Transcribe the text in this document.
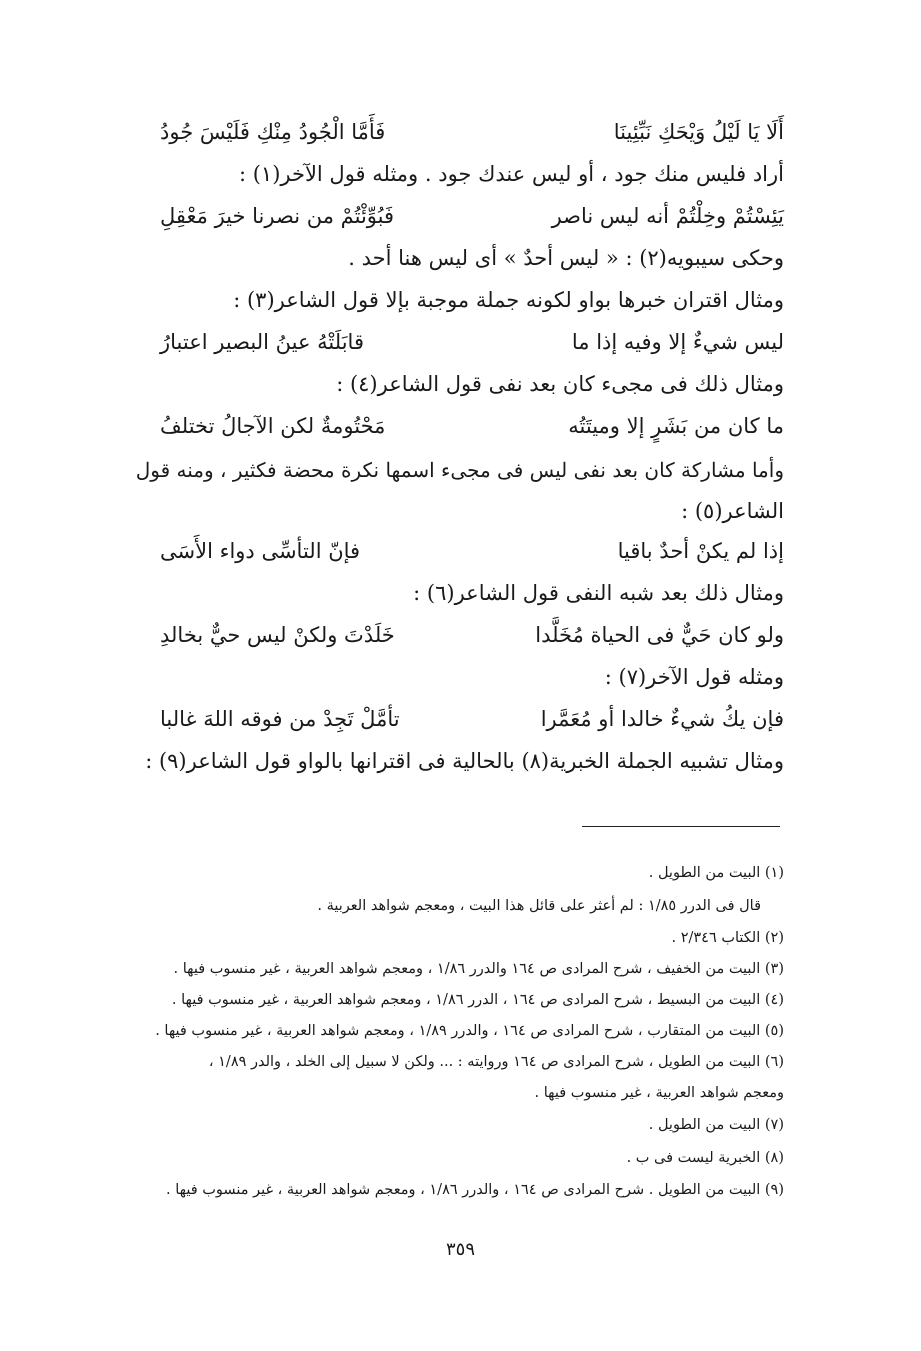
أَلَا يَا لَيْلُ وَيْحَكِ نَبِّئِينَا
فَأَمَّا الْجُودُ مِنْكِ فَلَيْسَ جُودُ
أراد فليس منك جود ، أو ليس عندك جود . ومثله قول الآخر(١) :
يَئِسْتُمْ وخِلْتُمْ أنه ليس ناصر
فَبُوِّئْتُمْ من نصرنا خيرَ مَعْقِلِ
وحكى سيبويه(٢) : « ليس أحدٌ » أى ليس هنا أحد .
ومثال اقتران خبرها بواو لكونه جملة موجبة بإلا قول الشاعر(٣) :
ليس شيءٌ إلا وفيه إذا ما
قابَلَتْهُ عينُ البصير اعتبارُ
ومثال ذلك فى مجىء كان بعد نفى قول الشاعر(٤) :
ما كان من بَشَرٍ إلا وميتَتُه
مَحْتُومةٌ لكن الآجالُ تختلفُ
وأما مشاركة كان بعد نفى ليس فى مجىء اسمها نكرة محضة فكثير ، ومنه قول
الشاعر(٥) :
إذا لم يكنْ أحدٌ باقيا
فإنّ التأسِّى دواء الأَسَى
ومثال ذلك بعد شبه النفى قول الشاعر(٦) :
ولو كان حَيٌّ فى الحياة مُخَلَّدا
خَلَدْتَ ولكنْ ليس حيٌّ بخالدِ
ومثله قول الآخر(٧) :
فإن يكُ شيءٌ خالدا أو مُعَمَّرا
تأمَّلْ تَجِدْ من فوقه اللهَ غالبا
ومثال تشبيه الجملة الخبرية(٨) بالحالية فى اقترانها بالواو قول الشاعر(٩) :
(١) البيت من الطويل .
قال فى الدرر ١/٨٥ : لم أعثر على قائل هذا البيت ، ومعجم شواهد العربية .
(٢) الكتاب ٢/٣٤٦ .
(٣) البيت من الخفيف ، شرح المرادى ص ١٦٤ والدرر ١/٨٦ ، ومعجم شواهد العربية ، غير منسوب فيها .
(٤) البيت من البسيط ، شرح المرادى ص ١٦٤ ، الدرر ١/٨٦ ، ومعجم شواهد العربية ، غير منسوب فيها .
(٥) البيت من المتقارب ، شرح المرادى ص ١٦٤ ، والدرر ١/٨٩ ، ومعجم شواهد العربية ، غير منسوب فيها .
(٦) البيت من الطويل ، شرح المرادى ص ١٦٤ وروايته : ... ولكن لا سبيل إلى الخلد ، والدر ١/٨٩ ،
ومعجم شواهد العربية ، غير منسوب فيها .
(٧) البيت من الطويل .
(٨) الخبرية ليست فى ب .
(٩) البيت من الطويل . شرح المرادى ص ١٦٤ ، والدرر ١/٨٦ ، ومعجم شواهد العربية ، غير منسوب فيها .
٣٥٩
